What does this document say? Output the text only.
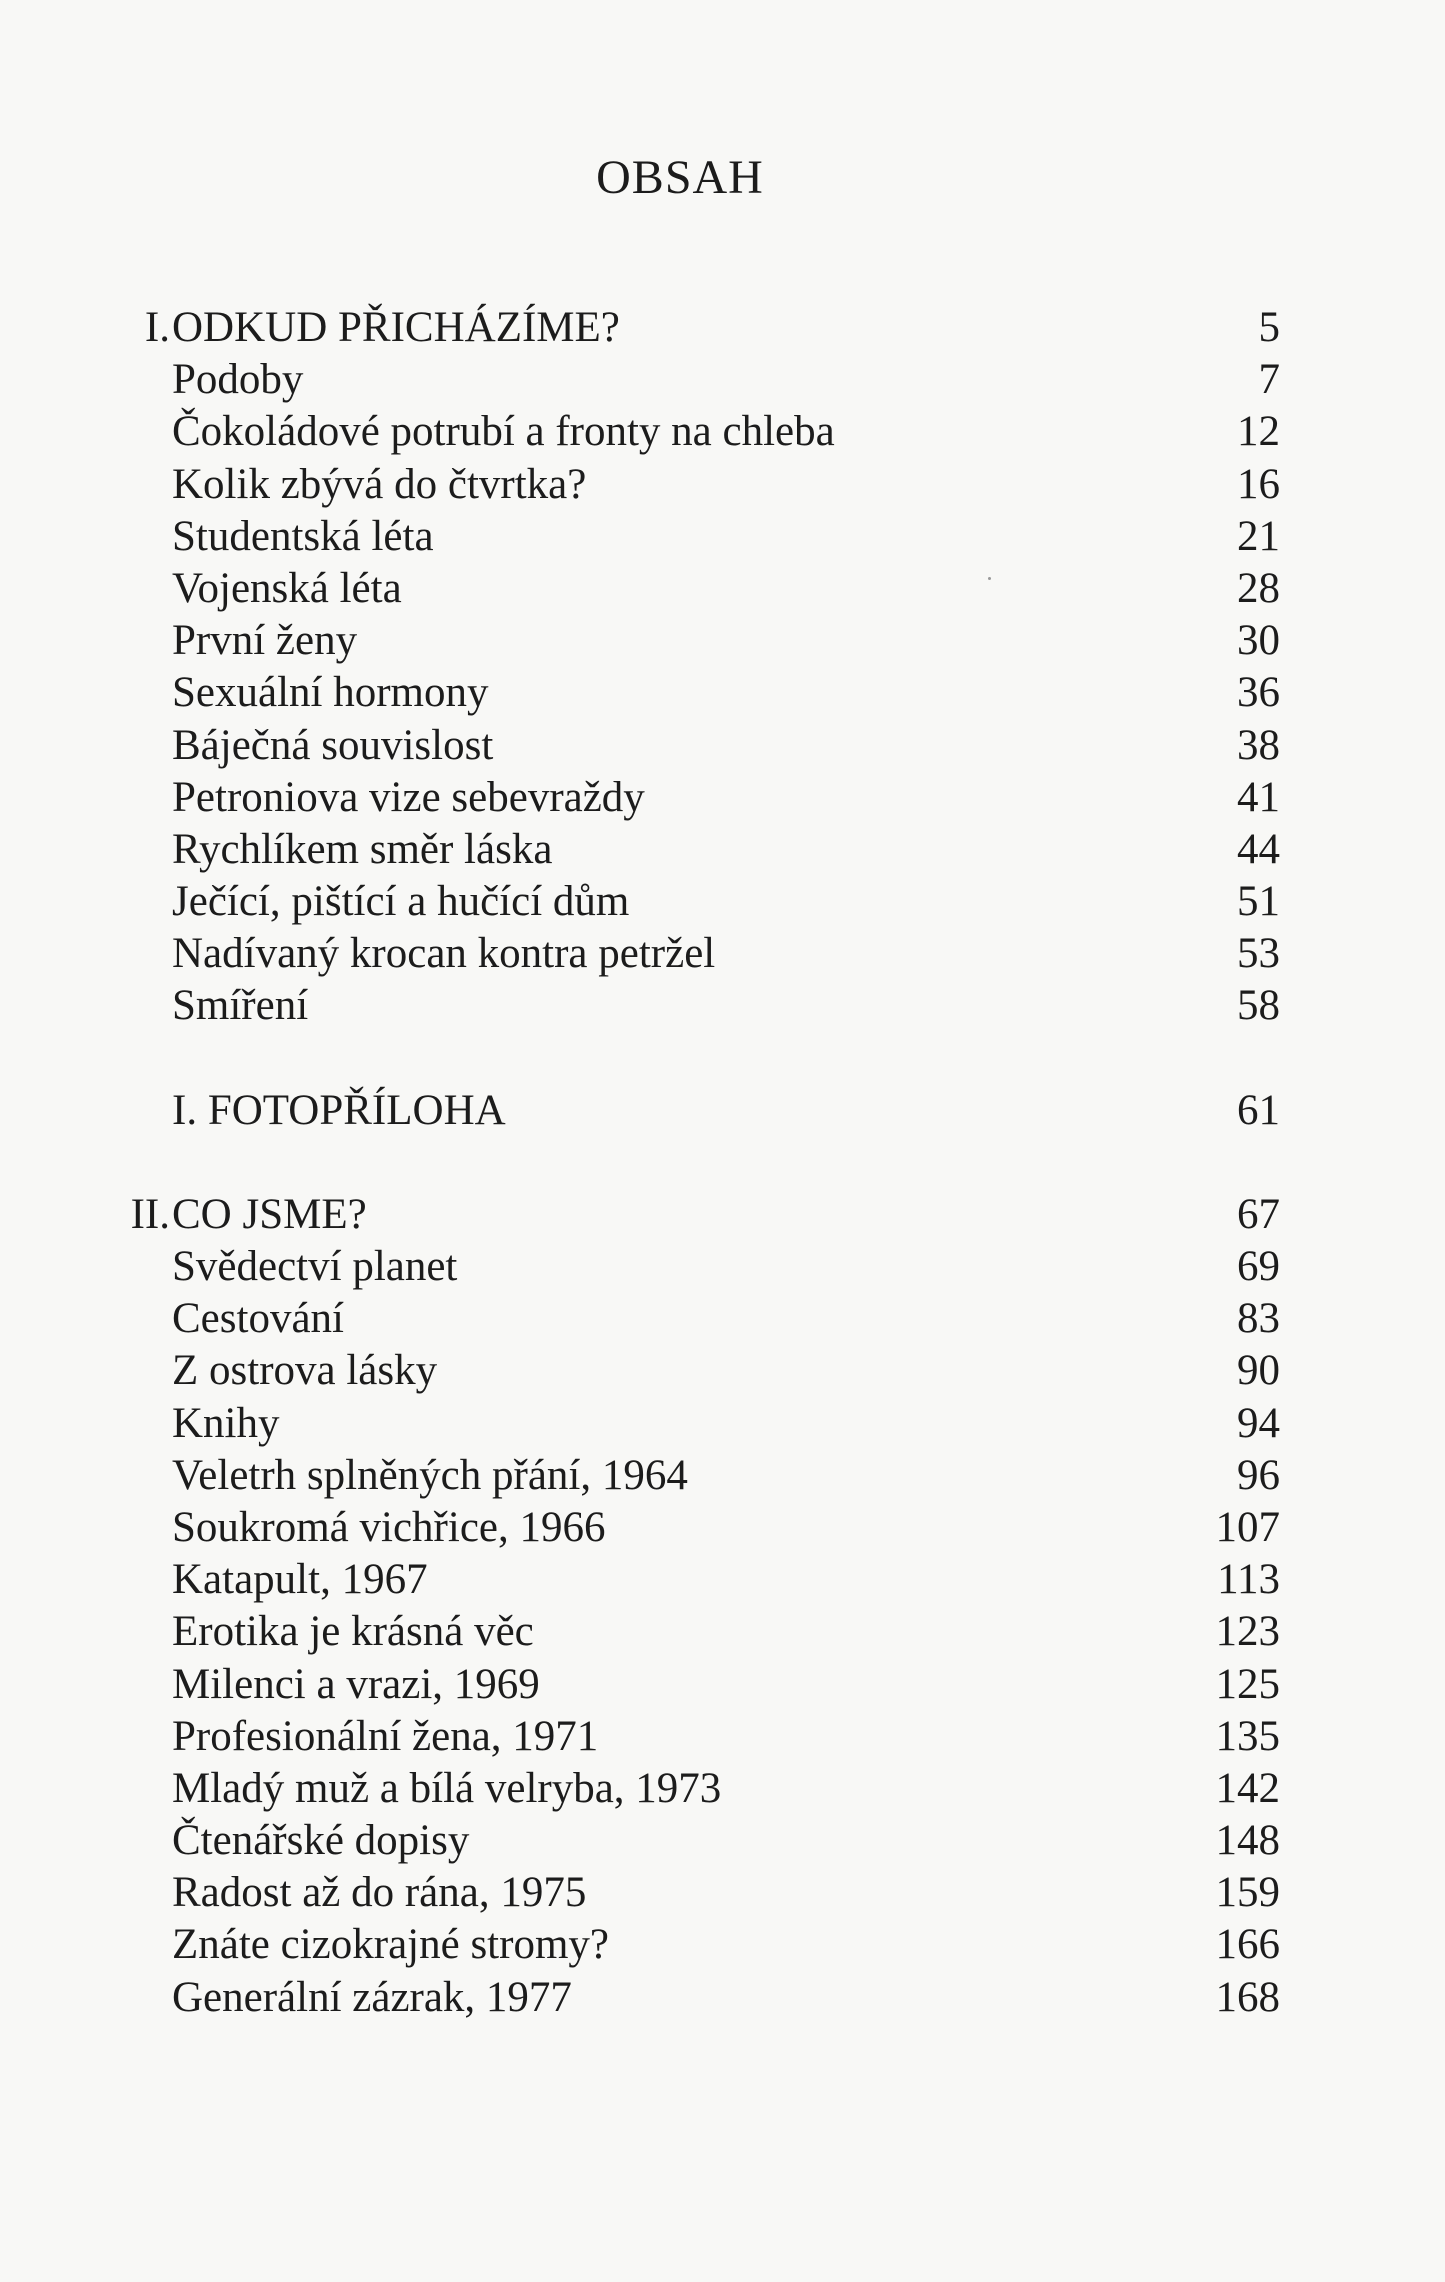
OBSAH
I. ODKUD PŘICHÁZÍME?	5
Podoby	7
Čokoládové potrubí a fronty na chleba	12
Kolik zbývá do čtvrtka?	16
Studentská léta	21
Vojenská léta	28
První ženy	30
Sexuální hormony	36
Báječná souvislost	38
Petroniova vize sebevraždy	41
Rychlíkem směr láska	44
Ječící, pištící a hučící dům	51
Nadívaný krocan kontra petržel	53
Smíření	58
I. FOTOPŘÍLOHA	61
II. CO JSME?	67
Svědectví planet	69
Cestování	83
Z ostrova lásky	90
Knihy	94
Veletrh splněných přání, 1964	96
Soukromá vichřice, 1966	107
Katapult, 1967	113
Erotika je krásná věc	123
Milenci a vrazi, 1969	125
Profesionální žena, 1971	135
Mladý muž a bílá velryba, 1973	142
Čtenářské dopisy	148
Radost až do rána, 1975	159
Znáte cizokrajné stromy?	166
Generální zázrak, 1977	168
